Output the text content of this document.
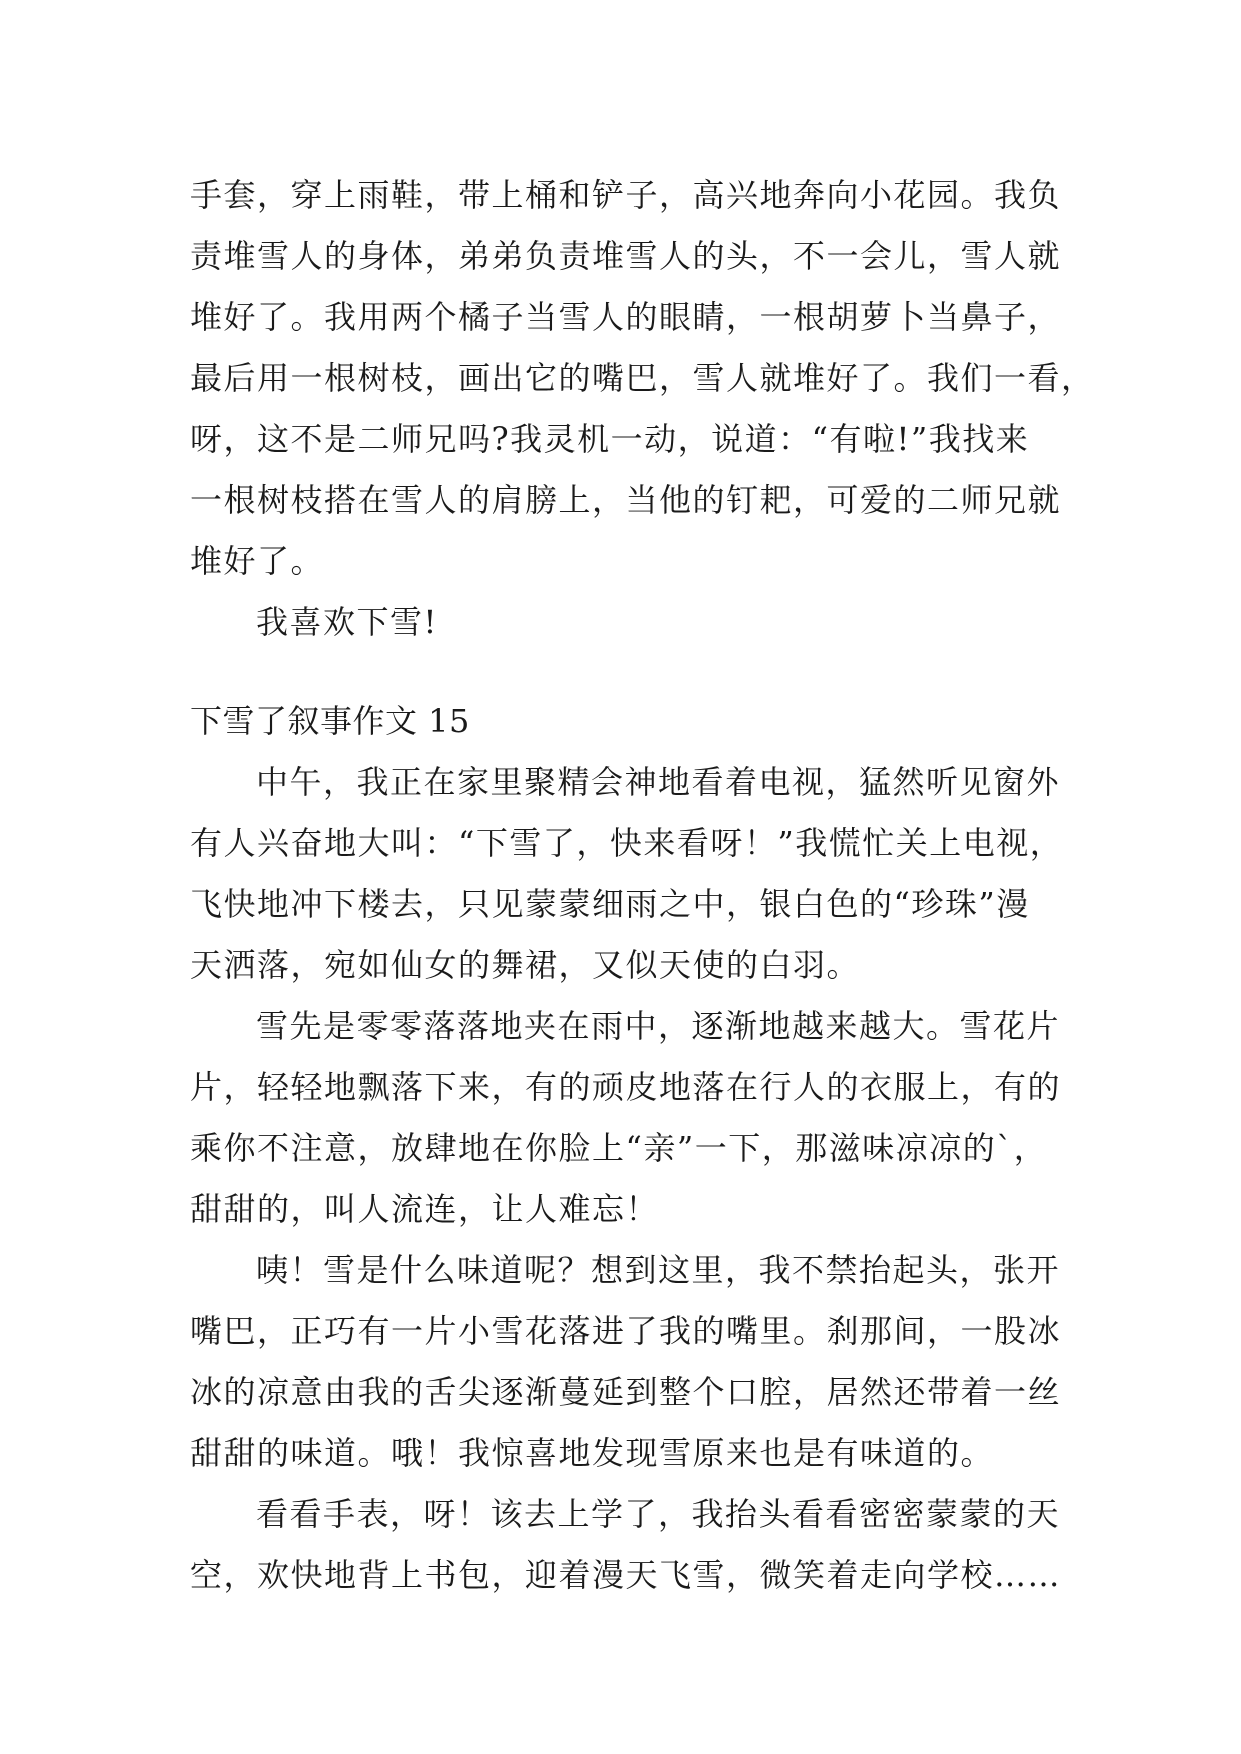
手套，穿上雨鞋，带上桶和铲子，高兴地奔向小花园。我负
责堆雪人的身体，弟弟负责堆雪人的头，不一会儿，雪人就
堆好了。我用两个橘子当雪人的眼睛，一根胡萝卜当鼻子，
最后用一根树枝，画出它的嘴巴，雪人就堆好了。我们一看，
呀，这不是二师兄吗?我灵机一动，说道：“有啦!”我找来
一根树枝搭在雪人的肩膀上，当他的钉耙，可爱的二师兄就
堆好了。
我喜欢下雪!
下雪了叙事作文 15
中午，我正在家里聚精会神地看着电视，猛然听见窗外
有人兴奋地大叫：“下雪了，快来看呀！”我慌忙关上电视，
飞快地冲下楼去，只见蒙蒙细雨之中，银白色的“珍珠”漫
天洒落，宛如仙女的舞裙，又似天使的白羽。
雪先是零零落落地夹在雨中，逐渐地越来越大。雪花片
片，轻轻地飘落下来，有的顽皮地落在行人的衣服上，有的
乘你不注意，放肆地在你脸上“亲”一下，那滋味凉凉的`，
甜甜的，叫人流连，让人难忘！
咦！雪是什么味道呢？想到这里，我不禁抬起头，张开
嘴巴，正巧有一片小雪花落进了我的嘴里。刹那间，一股冰
冰的凉意由我的舌尖逐渐蔓延到整个口腔，居然还带着一丝
甜甜的味道。哦！我惊喜地发现雪原来也是有味道的。
看看手表，呀！该去上学了，我抬头看看密密蒙蒙的天
空，欢快地背上书包，迎着漫天飞雪，微笑着走向学校……
